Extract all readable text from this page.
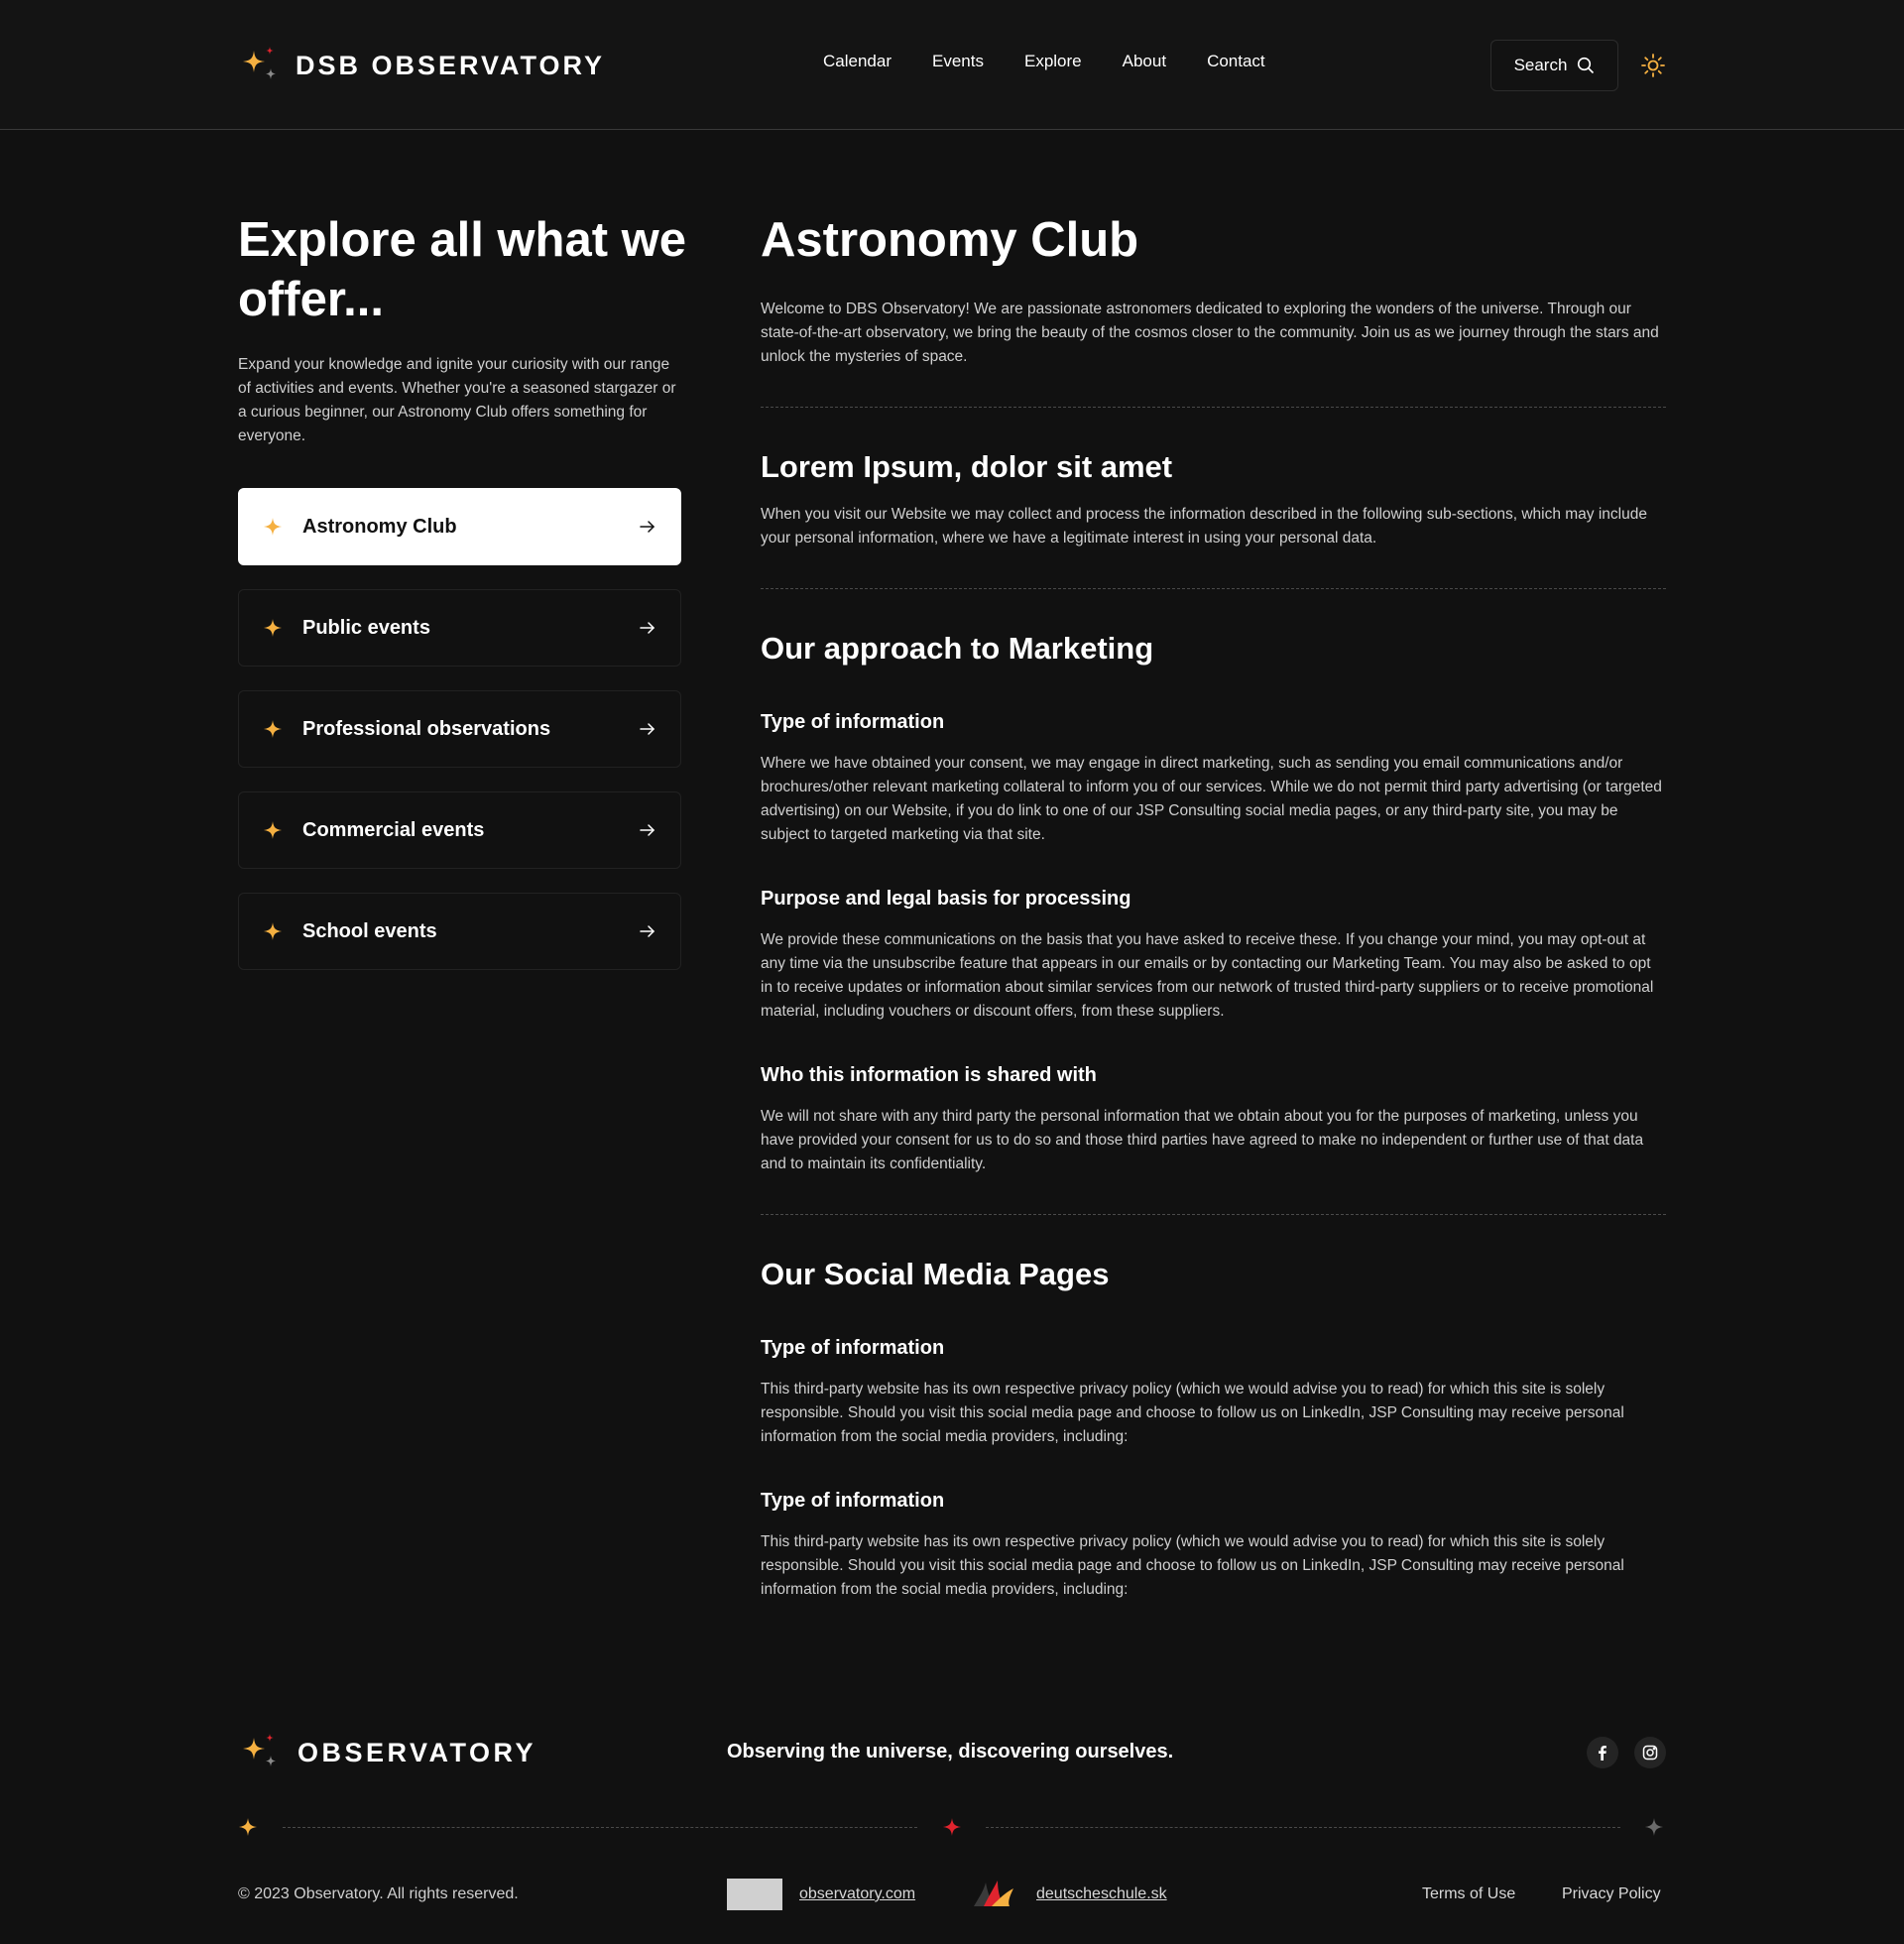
DSB OBSERVATORY	Calendar Events Explore About Contact	Search
Explore all what we offer...

Expand your knowledge and ignite your curiosity with our range of activities and events. Whether you're a seasoned stargazer or a curious beginner, our Astronomy Club offers something for everyone.

Astronomy Club
Public events
Professional observations
Commercial events
School events
Astronomy Club

Welcome to DBS Observatory! We are passionate astronomers dedicated to exploring the wonders of the universe. Through our state-of-the-art observatory, we bring the beauty of the cosmos closer to the community. Join us as we journey through the stars and unlock the mysteries of space.

Lorem Ipsum, dolor sit amet

When you visit our Website we may collect and process the information described in the following sub-sections, which may include your personal information, where we have a legitimate interest in using your personal data.

Our approach to Marketing
Type of information

Where we have obtained your consent, we may engage in direct marketing, such as sending you email communications and/or brochures/other relevant marketing collateral to inform you of our services. While we do not permit third party advertising (or targeted advertising) on our Website, if you do link to one of our JSP Consulting social media pages, or any third-party site, you may be subject to targeted marketing via that site.

Purpose and legal basis for processing

We provide these communications on the basis that you have asked to receive these. If you change your mind, you may opt-out at any time via the unsubscribe feature that appears in our emails or by contacting our Marketing Team. You may also be asked to opt in to receive updates or information about similar services from our network of trusted third-party suppliers or to receive promotional material, including vouchers or discount offers, from these suppliers.

Who this information is shared with

We will not share with any third party the personal information that we obtain about you for the purposes of marketing, unless you have provided your consent for us to do so and those third parties have agreed to make no independent or further use of that data and to maintain its confidentiality.

Our Social Media Pages
Type of information

This third-party website has its own respective privacy policy (which we would advise you to read) for which this site is solely responsible. Should you visit this social media page and choose to follow us on LinkedIn, JSP Consulting may receive personal information from the social media providers, including:

Type of information

This third-party website has its own respective privacy policy (which we would advise you to read) for which this site is solely responsible. Should you visit this social media page and choose to follow us on LinkedIn, JSP Consulting may receive personal information from the social media providers, including:

OBSERVATORY	Observing the universe, discovering ourselves.
© 2023 Observatory. All rights reserved.	observatory.com	deutscheschule.sk	Terms of Use	Privacy Policy
